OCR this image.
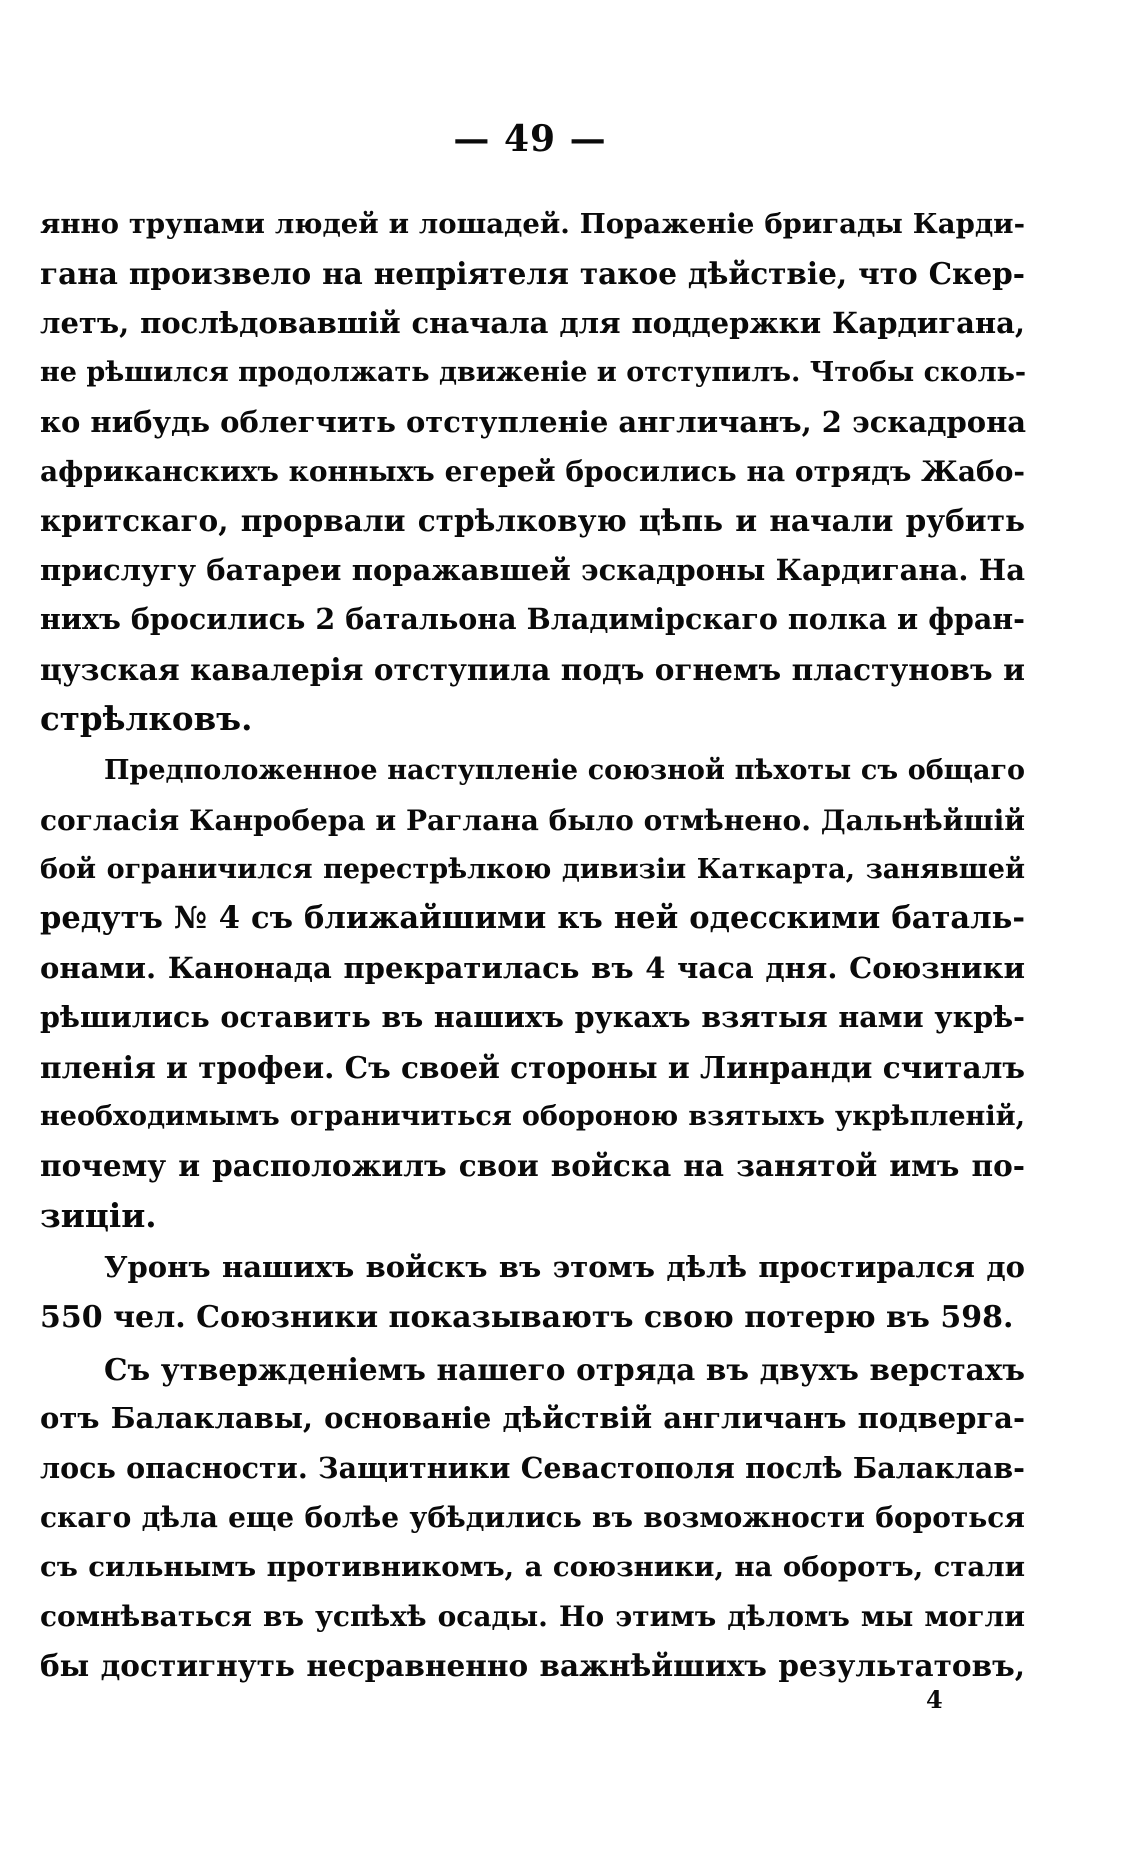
— 49 —
янно трупами людей и лошадей. Пораженіе бригады Карди-
гана произвело на непріятеля такое дѣйствіе, что Скер-
летъ, послѣдовавшій сначала для поддержки Кардигана,
не рѣшился продолжать движеніе и отступилъ. Чтобы сколь-
ко нибудь облегчить отступленіе англичанъ, 2 эскадрона
африканскихъ конныхъ егерей бросились на отрядъ Жабо-
критскаго, прорвали стрѣлковую цѣпь и начали рубить
прислугу батареи поражавшей эскадроны Кардигана. На
нихъ бросились 2 батальона Владимірскаго полка и фран-
цузская кавалерія отступила подъ огнемъ пластуновъ и
стрѣлковъ.
Предположенное наступленіе союзной пѣхоты съ общаго
согласія Канробера и Раглана было отмѣнено. Дальнѣйшій
бой ограничился перестрѣлкою дивизіи Каткарта, занявшей
редутъ № 4 съ ближайшими къ ней одесскими баталь-
онами. Канонада прекратилась въ 4 часа дня. Союзники
рѣшились оставить въ нашихъ рукахъ взятыя нами укрѣ-
пленія и трофеи. Съ своей стороны и Линранди считалъ
необходимымъ ограничиться обороною взятыхъ укрѣпленій,
почему и расположилъ свои войска на занятой имъ по-
зиціи.
Уронъ нашихъ войскъ въ этомъ дѣлѣ простирался до
550 чел. Союзники показываютъ свою потерю въ 598.
Съ утвержденіемъ нашего отряда въ двухъ верстахъ
отъ Балаклавы, основаніе дѣйствій англичанъ подверга-
лось опасности. Защитники Севастополя послѣ Балаклав-
скаго дѣла еще болѣе убѣдились въ возможности бороться
съ сильнымъ противникомъ, а союзники, на оборотъ, стали
сомнѣваться въ успѣхѣ осады. Но этимъ дѣломъ мы могли
бы достигнуть несравненно важнѣйшихъ результатовъ,
4
